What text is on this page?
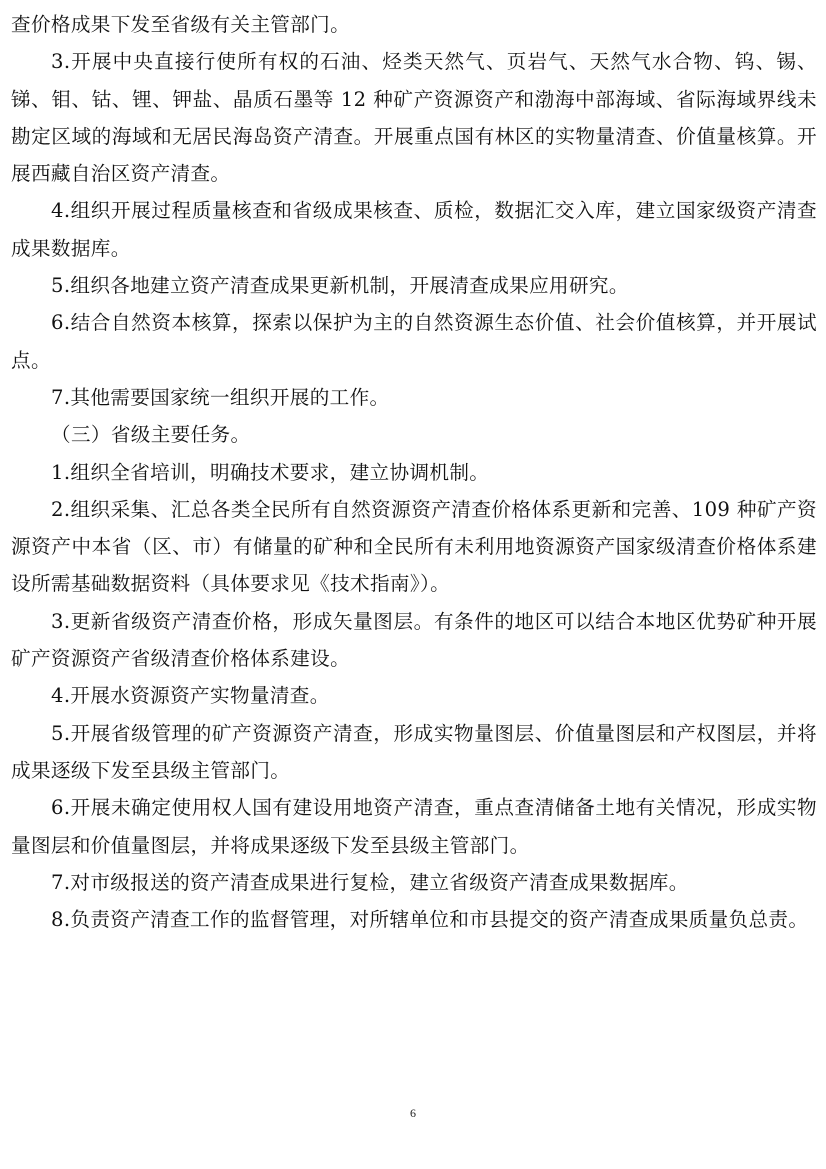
查价格成果下发至省级有关主管部门。

3.开展中央直接行使所有权的石油、烃类天然气、页岩气、天然气水合物、钨、锡、锑、钼、钴、锂、钾盐、晶质石墨等 12 种矿产资源资产和渤海中部海域、省际海域界线未勘定区域的海域和无居民海岛资产清查。开展重点国有林区的实物量清查、价值量核算。开展西藏自治区资产清查。

4.组织开展过程质量核查和省级成果核查、质检，数据汇交入库，建立国家级资产清查成果数据库。

5.组织各地建立资产清查成果更新机制，开展清查成果应用研究。

6.结合自然资本核算，探索以保护为主的自然资源生态价值、社会价值核算，并开展试点。

7.其他需要国家统一组织开展的工作。

（三）省级主要任务。

1.组织全省培训，明确技术要求，建立协调机制。

2.组织采集、汇总各类全民所有自然资源资产清查价格体系更新和完善、109 种矿产资源资产中本省（区、市）有储量的矿种和全民所有未利用地资源资产国家级清查价格体系建设所需基础数据资料（具体要求见《技术指南》）。

3.更新省级资产清查价格，形成矢量图层。有条件的地区可以结合本地区优势矿种开展矿产资源资产省级清查价格体系建设。

4.开展水资源资产实物量清查。

5.开展省级管理的矿产资源资产清查，形成实物量图层、价值量图层和产权图层，并将成果逐级下发至县级主管部门。

6.开展未确定使用权人国有建设用地资产清查，重点查清储备土地有关情况，形成实物量图层和价值量图层，并将成果逐级下发至县级主管部门。

7.对市级报送的资产清查成果进行复检，建立省级资产清查成果数据库。

8.负责资产清查工作的监督管理，对所辖单位和市县提交的资产清查成果质量负总责。

6
